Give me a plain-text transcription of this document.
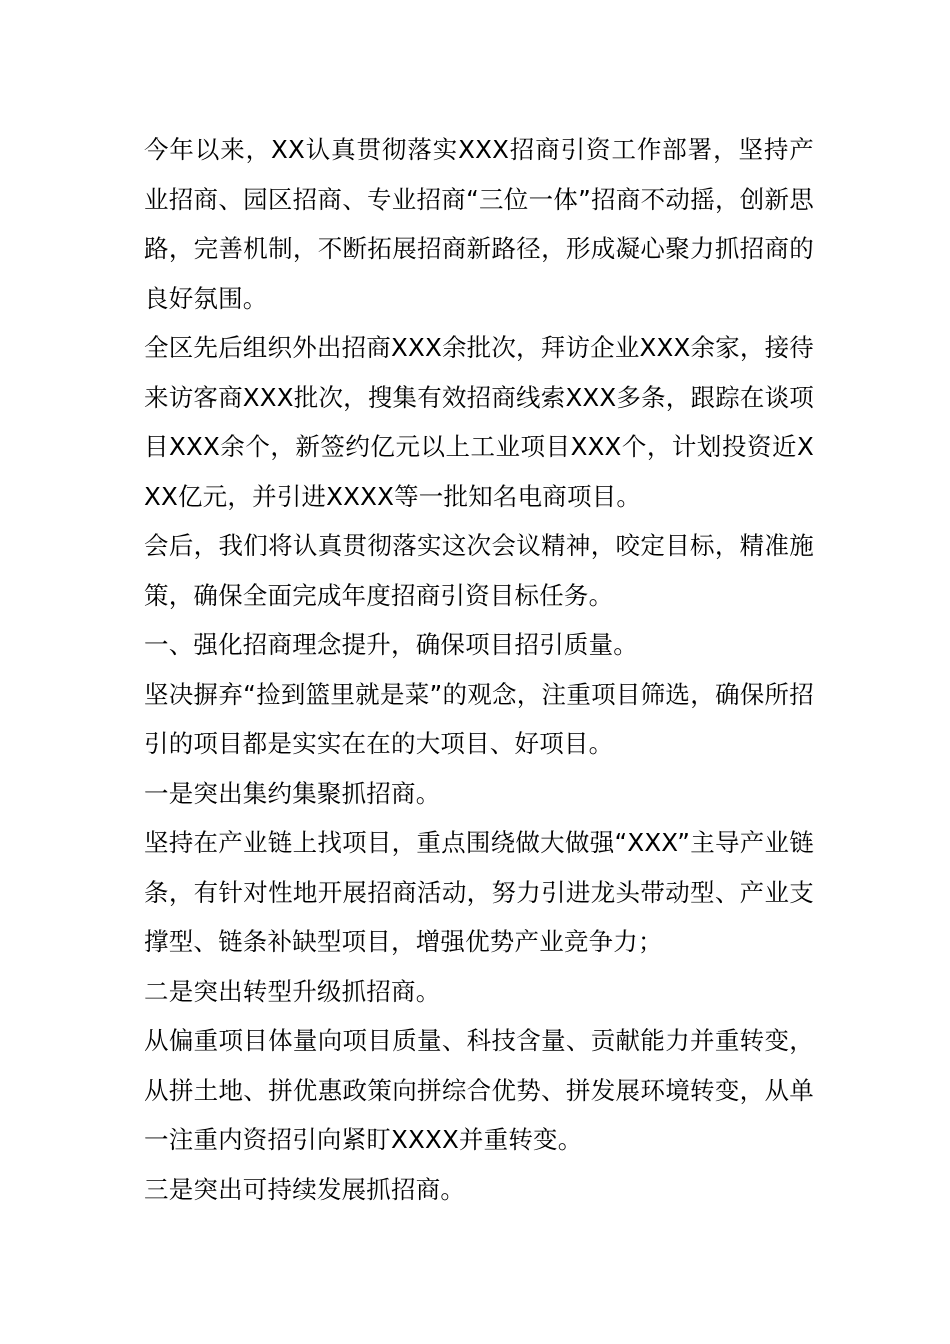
今年以来，XX认真贯彻落实XXX招商引资工作部署，坚持产业招商、园区招商、专业招商“三位一体”招商不动摇，创新思路，完善机制，不断拓展招商新路径，形成凝心聚力抓招商的良好氛围。

全区先后组织外出招商XXX余批次，拜访企业XXX余家，接待来访客商XXX批次，搜集有效招商线索XXX多条，跟踪在谈项目XXX余个，新签约亿元以上工业项目XXX个，计划投资近XXX亿元，并引进XXXX等一批知名电商项目。

会后，我们将认真贯彻落实这次会议精神，咬定目标，精准施策，确保全面完成年度招商引资目标任务。

一、强化招商理念提升，确保项目招引质量。

坚决摒弃“捡到篮里就是菜”的观念，注重项目筛选，确保所招引的项目都是实实在在的大项目、好项目。

一是突出集约集聚抓招商。

坚持在产业链上找项目，重点围绕做大做强“XXX”主导产业链条，有针对性地开展招商活动，努力引进龙头带动型、产业支撑型、链条补缺型项目，增强优势产业竞争力；

二是突出转型升级抓招商。

从偏重项目体量向项目质量、科技含量、贡献能力并重转变，从拼土地、拼优惠政策向拼综合优势、拼发展环境转变，从单一注重内资招引向紧盯XXXX并重转变。

三是突出可持续发展抓招商。
